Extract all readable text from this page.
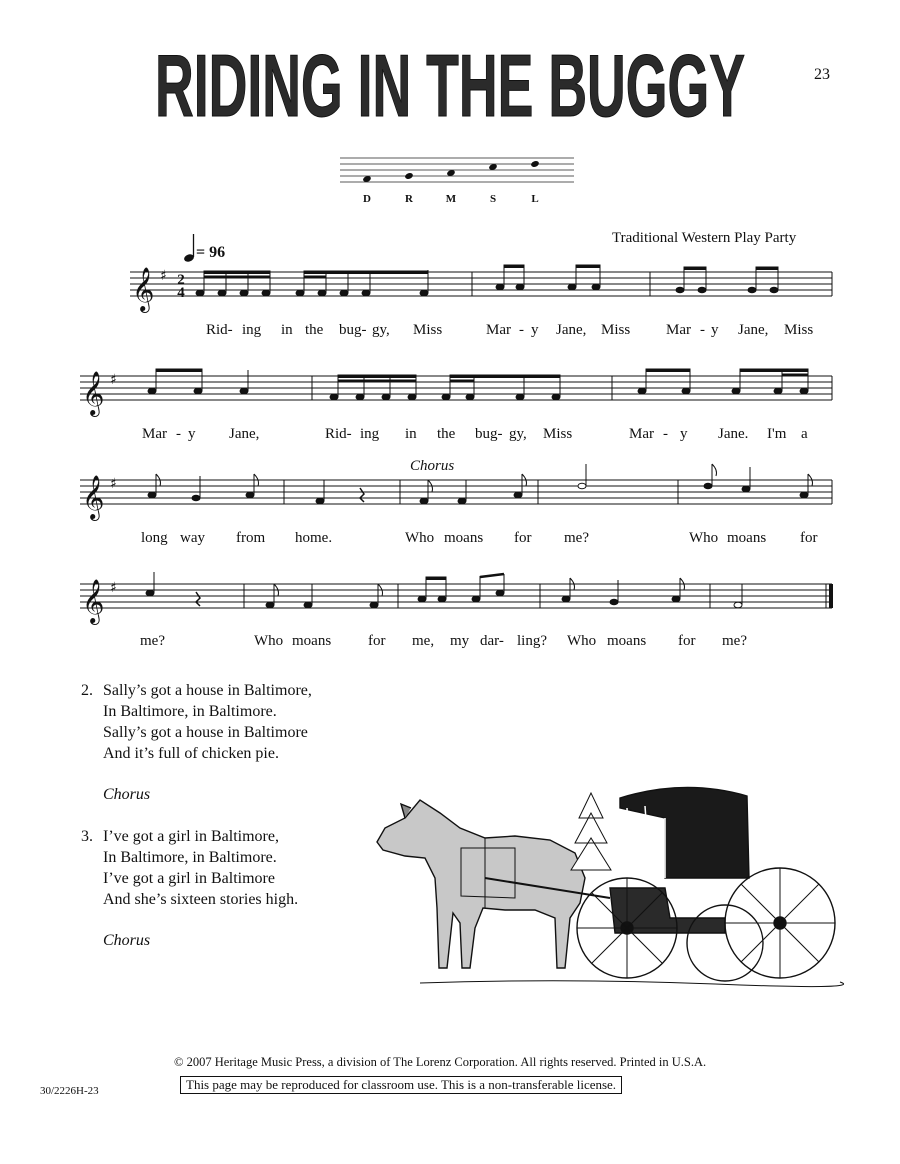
RIDING IN THE BUGGY	23
D	R	M	S	L
Traditional Western Play Party
= 96
𝄞
𝄞
𝄞
𝄞
♯
♯
♯
♯
2
4
Rid- ing in the bug- gy, Miss	Mar - y Jane, Miss Mar - y Jane, Miss
Mar - y Jane,	Rid- ing in the bug- gy, Miss	Mar - y Jane. I'm a
Chorus
long way from home.	Who moans for me?	Who moans for
me?	Who moans for me, my dar- ling? Who moans for me?
2. Sally’s got a house in Baltimore,
In Baltimore, in Baltimore.
Sally’s got a house in Baltimore
And it’s full of chicken pie.
Chorus
3. I’ve got a girl in Baltimore,
In Baltimore, in Baltimore.
I’ve got a girl in Baltimore
And she’s sixteen stories high.
Chorus
© 2007 Heritage Music Press, a division of The Lorenz Corporation. All rights reserved. Printed in U.S.A.
This page may be reproduced for classroom use. This is a non-transferable license.
30/2226H-23
